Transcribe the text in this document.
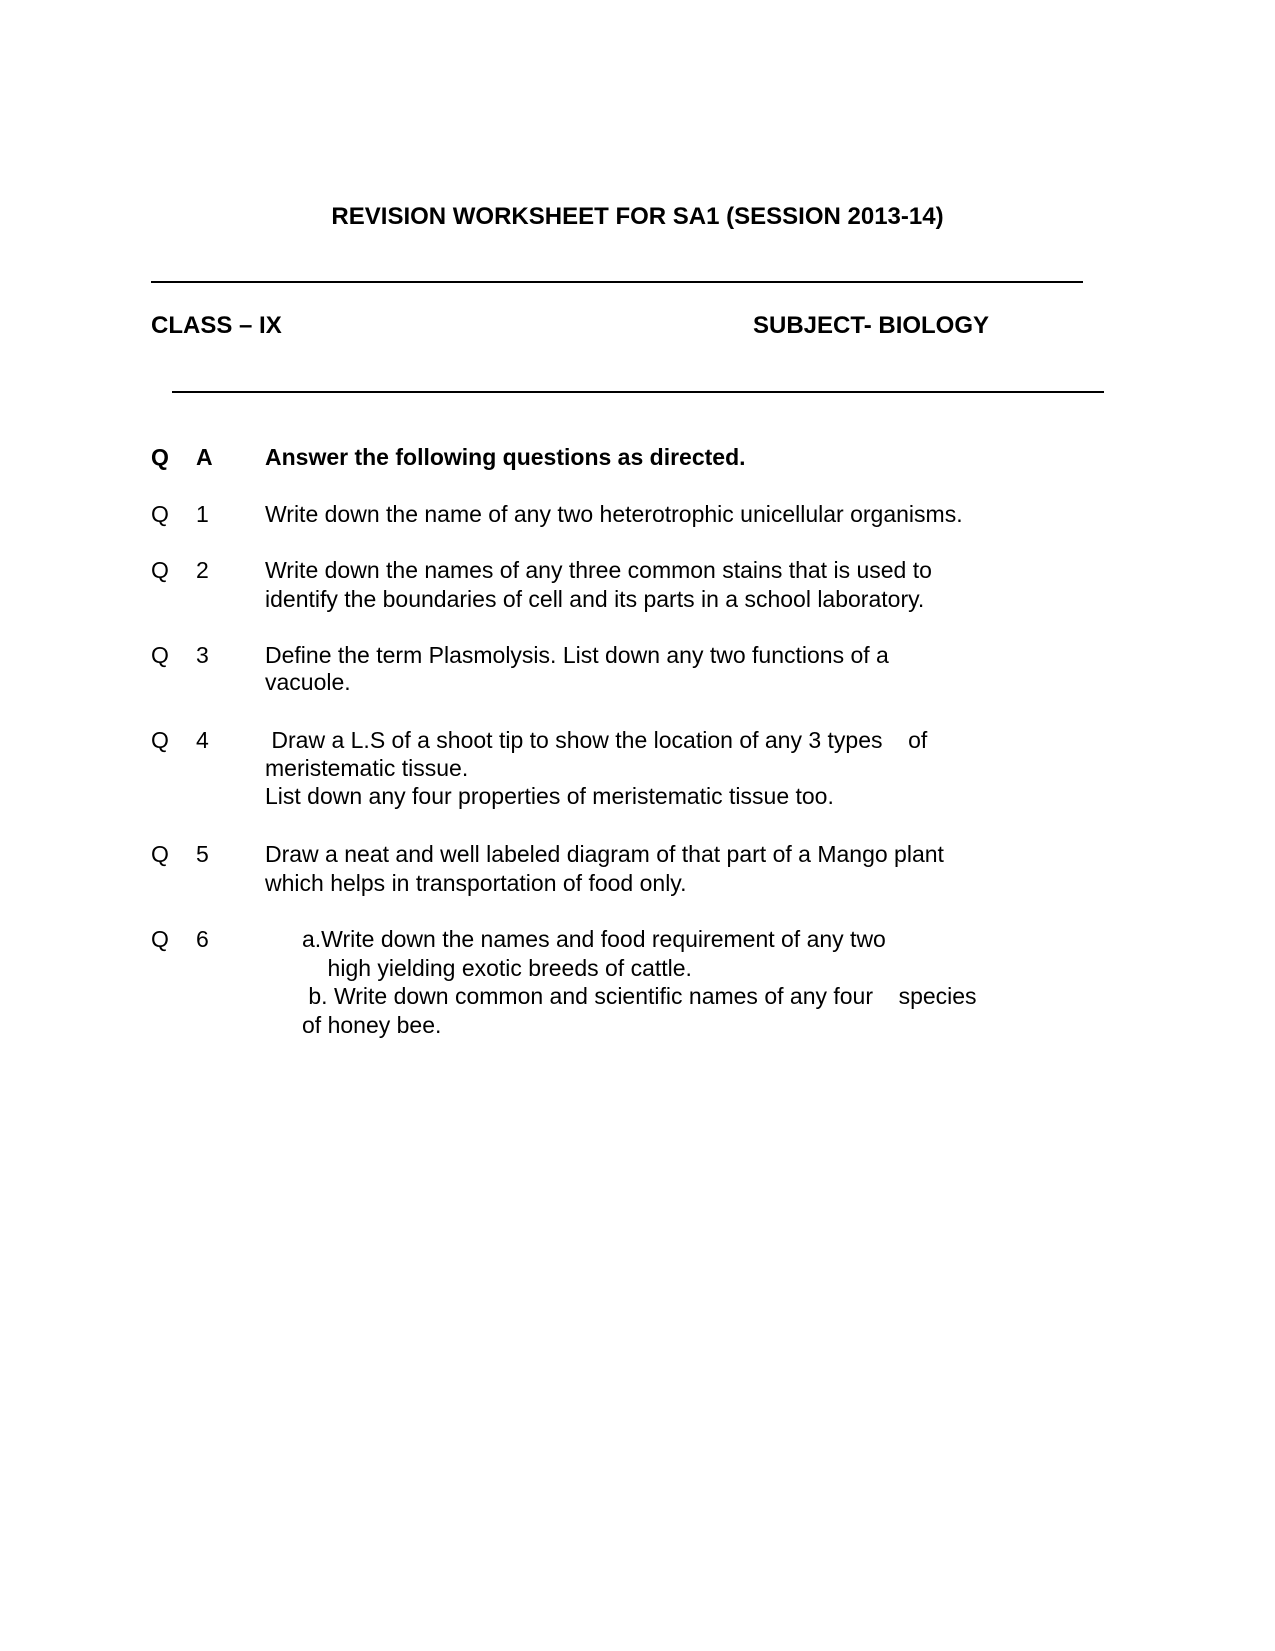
REVISION WORKSHEET FOR SA1 (SESSION 2013-14)
CLASS – IX	SUBJECT- BIOLOGY
Q A Answer the following questions as directed.
Q 1 Write down the name of any two heterotrophic unicellular organisms.
Q 2 Write down the names of any three common stains that is used to
identify the boundaries of cell and its parts in a school laboratory.
Q 3 Define the term Plasmolysis. List down any two functions of a
vacuole.
Q 4 Draw a L.S of a shoot tip to show the location of any 3 types    of
meristematic tissue.
List down any four properties of meristematic tissue too.
Q 5 Draw a neat and well labeled diagram of that part of a Mango plant
which helps in transportation of food only.
Q 6	a.Write down the names and food requirement of any two
high yielding exotic breeds of cattle.
b. Write down common and scientific names of any four    species
of honey bee.
